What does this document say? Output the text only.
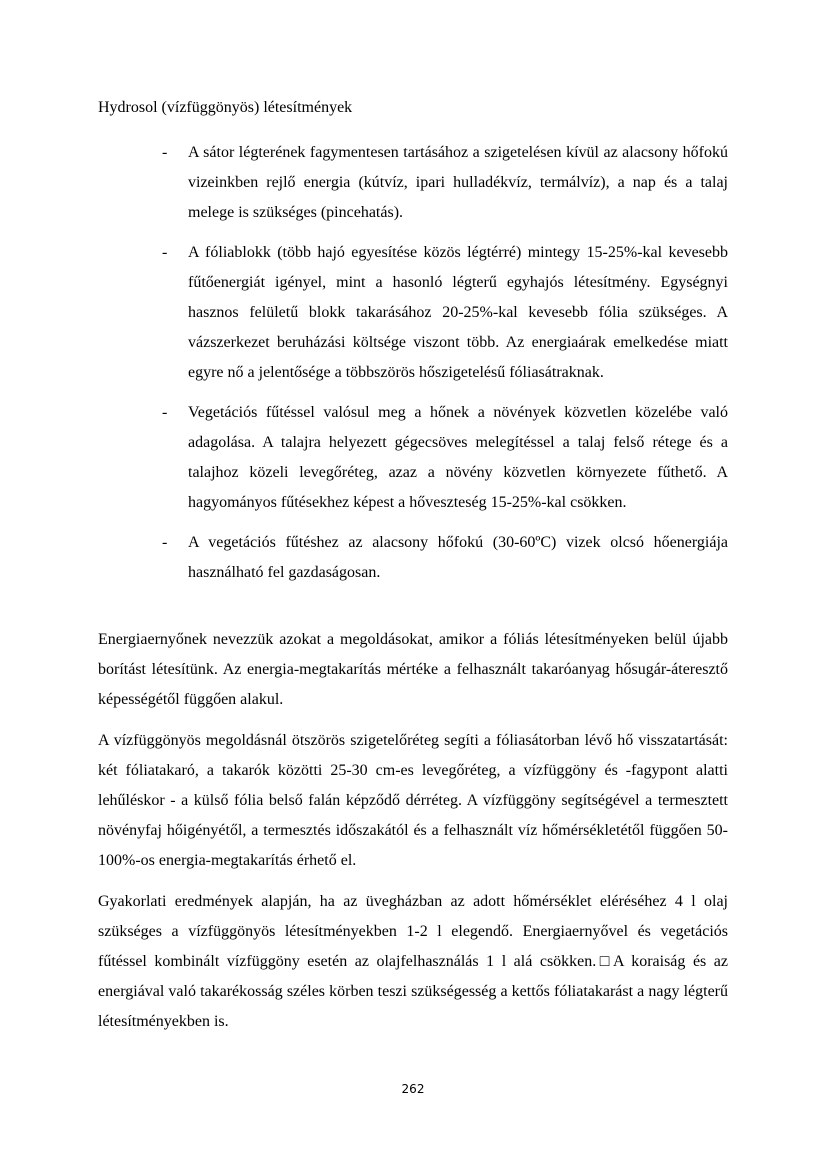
Hydrosol (vízfüggönyös) létesítmények
- A sátor légterének fagymentesen tartásához a szigetelésen kívül az alacsony hőfokú vizeinkben rejlő energia (kútvíz, ipari hulladékvíz, termálvíz), a nap és a talaj melege is szükséges (pincehatás).
- A fóliablokk (több hajó egyesítése közös légtérré) mintegy 15-25%-kal kevesebb fűtőenergiát igényel, mint a hasonló légterű egyhajós létesítmény. Egységnyi hasznos felületű blokk takarásához 20-25%-kal kevesebb fólia szükséges. A vázszerkezet beruházási költsége viszont több. Az energiaárak emelkedése miatt egyre nő a jelentősége a többszörös hőszigetelésű fóliasátraknak.
- Vegetációs fűtéssel valósul meg a hőnek a növények közvetlen közelébe való adagolása. A talajra helyezett gégecsöves melegítéssel a talaj felső rétege és a talajhoz közeli levegőréteg, azaz a növény közvetlen környezete fűthető. A hagyományos fűtésekhez képest a hőveszteség 15-25%-kal csökken.
- A vegetációs fűtéshez az alacsony hőfokú (30-60ºC) vizek olcsó hőenergiája használható fel gazdaságosan.

Energiaernyőnek nevezzük azokat a megoldásokat, amikor a fóliás létesítményeken belül újabb borítást létesítünk. Az energia-megtakarítás mértéke a felhasznált takaróanyag hősugár-áteresztő képességétől függően alakul.

A vízfüggönyös megoldásnál ötszörös szigetelőréteg segíti a fóliasátorban lévő hő visszatartását: két fóliatakaró, a takarók közötti 25-30 cm-es levegőréteg, a vízfüggöny és -fagypont alatti lehűléskor - a külső fólia belső falán képződő dérréteg. A vízfüggöny segítségével a termesztett növényfaj hőigényétől, a termesztés időszakától és a felhasznált víz hőmérsékletétől függően 50-100%-os energia-megtakarítás érhető el.

Gyakorlati eredmények alapján, ha az üvegházban az adott hőmérséklet eléréséhez 4 l olaj szükséges a vízfüggönyös létesítményekben 1-2 l elegendő. Energiaernyővel és vegetációs fűtéssel kombinált vízfüggöny esetén az olajfelhasználás 1 l alá csökken.□A koraiság és az energiával való takarékosság széles körben teszi szükségesség a kettős fóliatakarást a nagy légterű létesítményekben is.

262
